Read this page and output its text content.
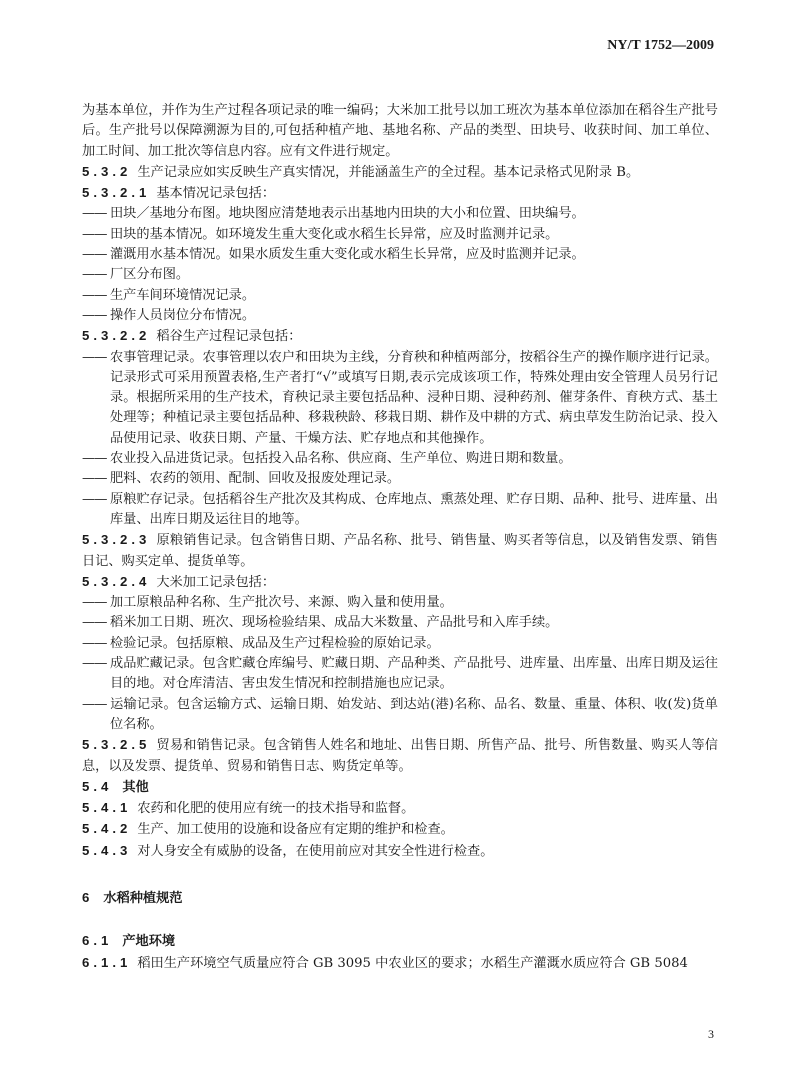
NY/T 1752—2009
为基本单位，并作为生产过程各项记录的唯一编码；大米加工批号以加工班次为基本单位添加在稻谷生产批号后。生产批号以保障溯源为目的,可包括种植产地、基地名称、产品的类型、田块号、收获时间、加工单位、加工时间、加工批次等信息内容。应有文件进行规定。
5.3.2 生产记录应如实反映生产真实情况，并能涵盖生产的全过程。基本记录格式见附录 B。
5.3.2.1 基本情况记录包括：
—— 田块／基地分布图。地块图应清楚地表示出基地内田块的大小和位置、田块编号。
—— 田块的基本情况。如环境发生重大变化或水稻生长异常，应及时监测并记录。
—— 灌溉用水基本情况。如果水质发生重大变化或水稻生长异常，应及时监测并记录。
—— 厂区分布图。
—— 生产车间环境情况记录。
—— 操作人员岗位分布情况。
5.3.2.2 稻谷生产过程记录包括：
—— 农事管理记录。农事管理以农户和田块为主线，分育秧和种植两部分，按稻谷生产的操作顺序进行记录。记录形式可采用预置表格,生产者打“√”或填写日期,表示完成该项工作，特殊处理由安全管理人员另行记录。根据所采用的生产技术，育秧记录主要包括品种、浸种日期、浸种药剂、催芽条件、育秧方式、基土处理等；种植记录主要包括品种、移栽秧龄、移栽日期、耕作及中耕的方式、病虫草发生防治记录、投入品使用记录、收获日期、产量、干燥方法、贮存地点和其他操作。
—— 农业投入品进货记录。包括投入品名称、供应商、生产单位、购进日期和数量。
—— 肥料、农药的领用、配制、回收及报废处理记录。
—— 原粮贮存记录。包括稻谷生产批次及其构成、仓库地点、熏蒸处理、贮存日期、品种、批号、进库量、出库量、出库日期及运往目的地等。
5.3.2.3 原粮销售记录。包含销售日期、产品名称、批号、销售量、购买者等信息，以及销售发票、销售日记、购买定单、提货单等。
5.3.2.4 大米加工记录包括：
—— 加工原粮品种名称、生产批次号、来源、购入量和使用量。
—— 稻米加工日期、班次、现场检验结果、成品大米数量、产品批号和入库手续。
—— 检验记录。包括原粮、成品及生产过程检验的原始记录。
—— 成品贮藏记录。包含贮藏仓库编号、贮藏日期、产品种类、产品批号、进库量、出库量、出库日期及运往目的地。对仓库清洁、害虫发生情况和控制措施也应记录。
—— 运输记录。包含运输方式、运输日期、始发站、到达站(港)名称、品名、数量、重量、体积、收(发)货单位名称。
5.3.2.5 贸易和销售记录。包含销售人姓名和地址、出售日期、所售产品、批号、所售数量、购买人等信息，以及发票、提货单、贸易和销售日志、购货定单等。
5.4 其他
5.4.1 农药和化肥的使用应有统一的技术指导和监督。
5.4.2 生产、加工使用的设施和设备应有定期的维护和检查。
5.4.3 对人身安全有威胁的设备，在使用前应对其安全性进行检查。
6 水稻种植规范
6.1 产地环境
6.1.1 稻田生产环境空气质量应符合 GB 3095 中农业区的要求；水稻生产灌溉水质应符合 GB 5084
3
